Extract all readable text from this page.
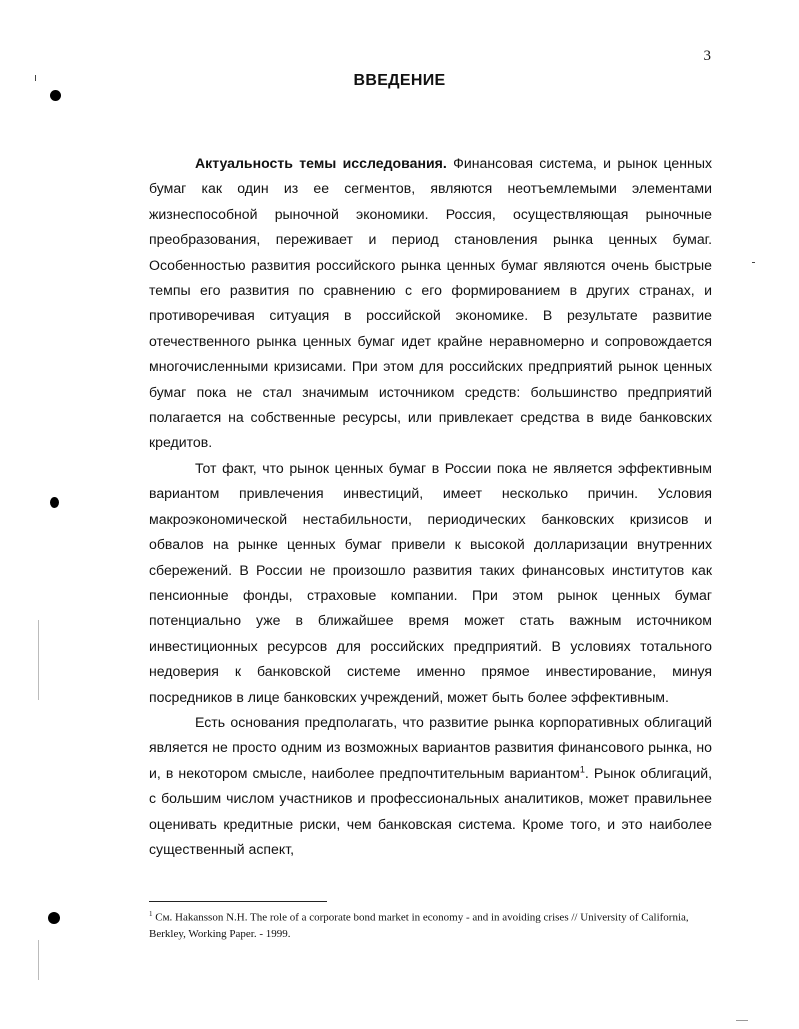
3
ВВЕДЕНИЕ

Актуальность темы исследования. Финансовая система, и рынок ценных бумаг как один из ее сегментов, являются неотъемлемыми элементами жизнеспособной рыночной экономики. Россия, осуществляющая рыночные преобразования, переживает и период становления рынка ценных бумаг. Особенностью развития российского рынка ценных бумаг являются очень быстрые темпы его развития по сравнению с его формированием в других странах, и противоречивая ситуация в российской экономике. В результате развитие отечественного рынка ценных бумаг идет крайне неравномерно и сопровождается многочисленными кризисами. При этом для российских предприятий рынок ценных бумаг пока не стал значимым источником средств: большинство предприятий полагается на собственные ресурсы, или привлекает средства в виде банковских кредитов.

Тот факт, что рынок ценных бумаг в России пока не является эффективным вариантом привлечения инвестиций, имеет несколько причин. Условия макроэкономической нестабильности, периодических банковских кризисов и обвалов на рынке ценных бумаг привели к высокой долларизации внутренних сбережений. В России не произошло развития таких финансовых институтов как пенсионные фонды, страховые компании. При этом рынок ценных бумаг потенциально уже в ближайшее время может стать важным источником инвестиционных ресурсов для российских предприятий. В условиях тотального недоверия к банковской системе именно прямое инвестирование, минуя посредников в лице банковских учреждений, может быть более эффективным.

Есть основания предполагать, что развитие рынка корпоративных облигаций является не просто одним из возможных вариантов развития финансового рынка, но и, в некотором смысле, наиболее предпочтительным вариантом$^1$. Рынок облигаций, с большим числом участников и профессиональных аналитиков, может правильнее оценивать кредитные риски, чем банковская система. Кроме того, и это наиболее существенный аспект,

$^1$ См. Hakansson N.H. The role of a corporate bond market in economy - and in avoiding crises // University of California, Berkley, Working Paper. - 1999.
